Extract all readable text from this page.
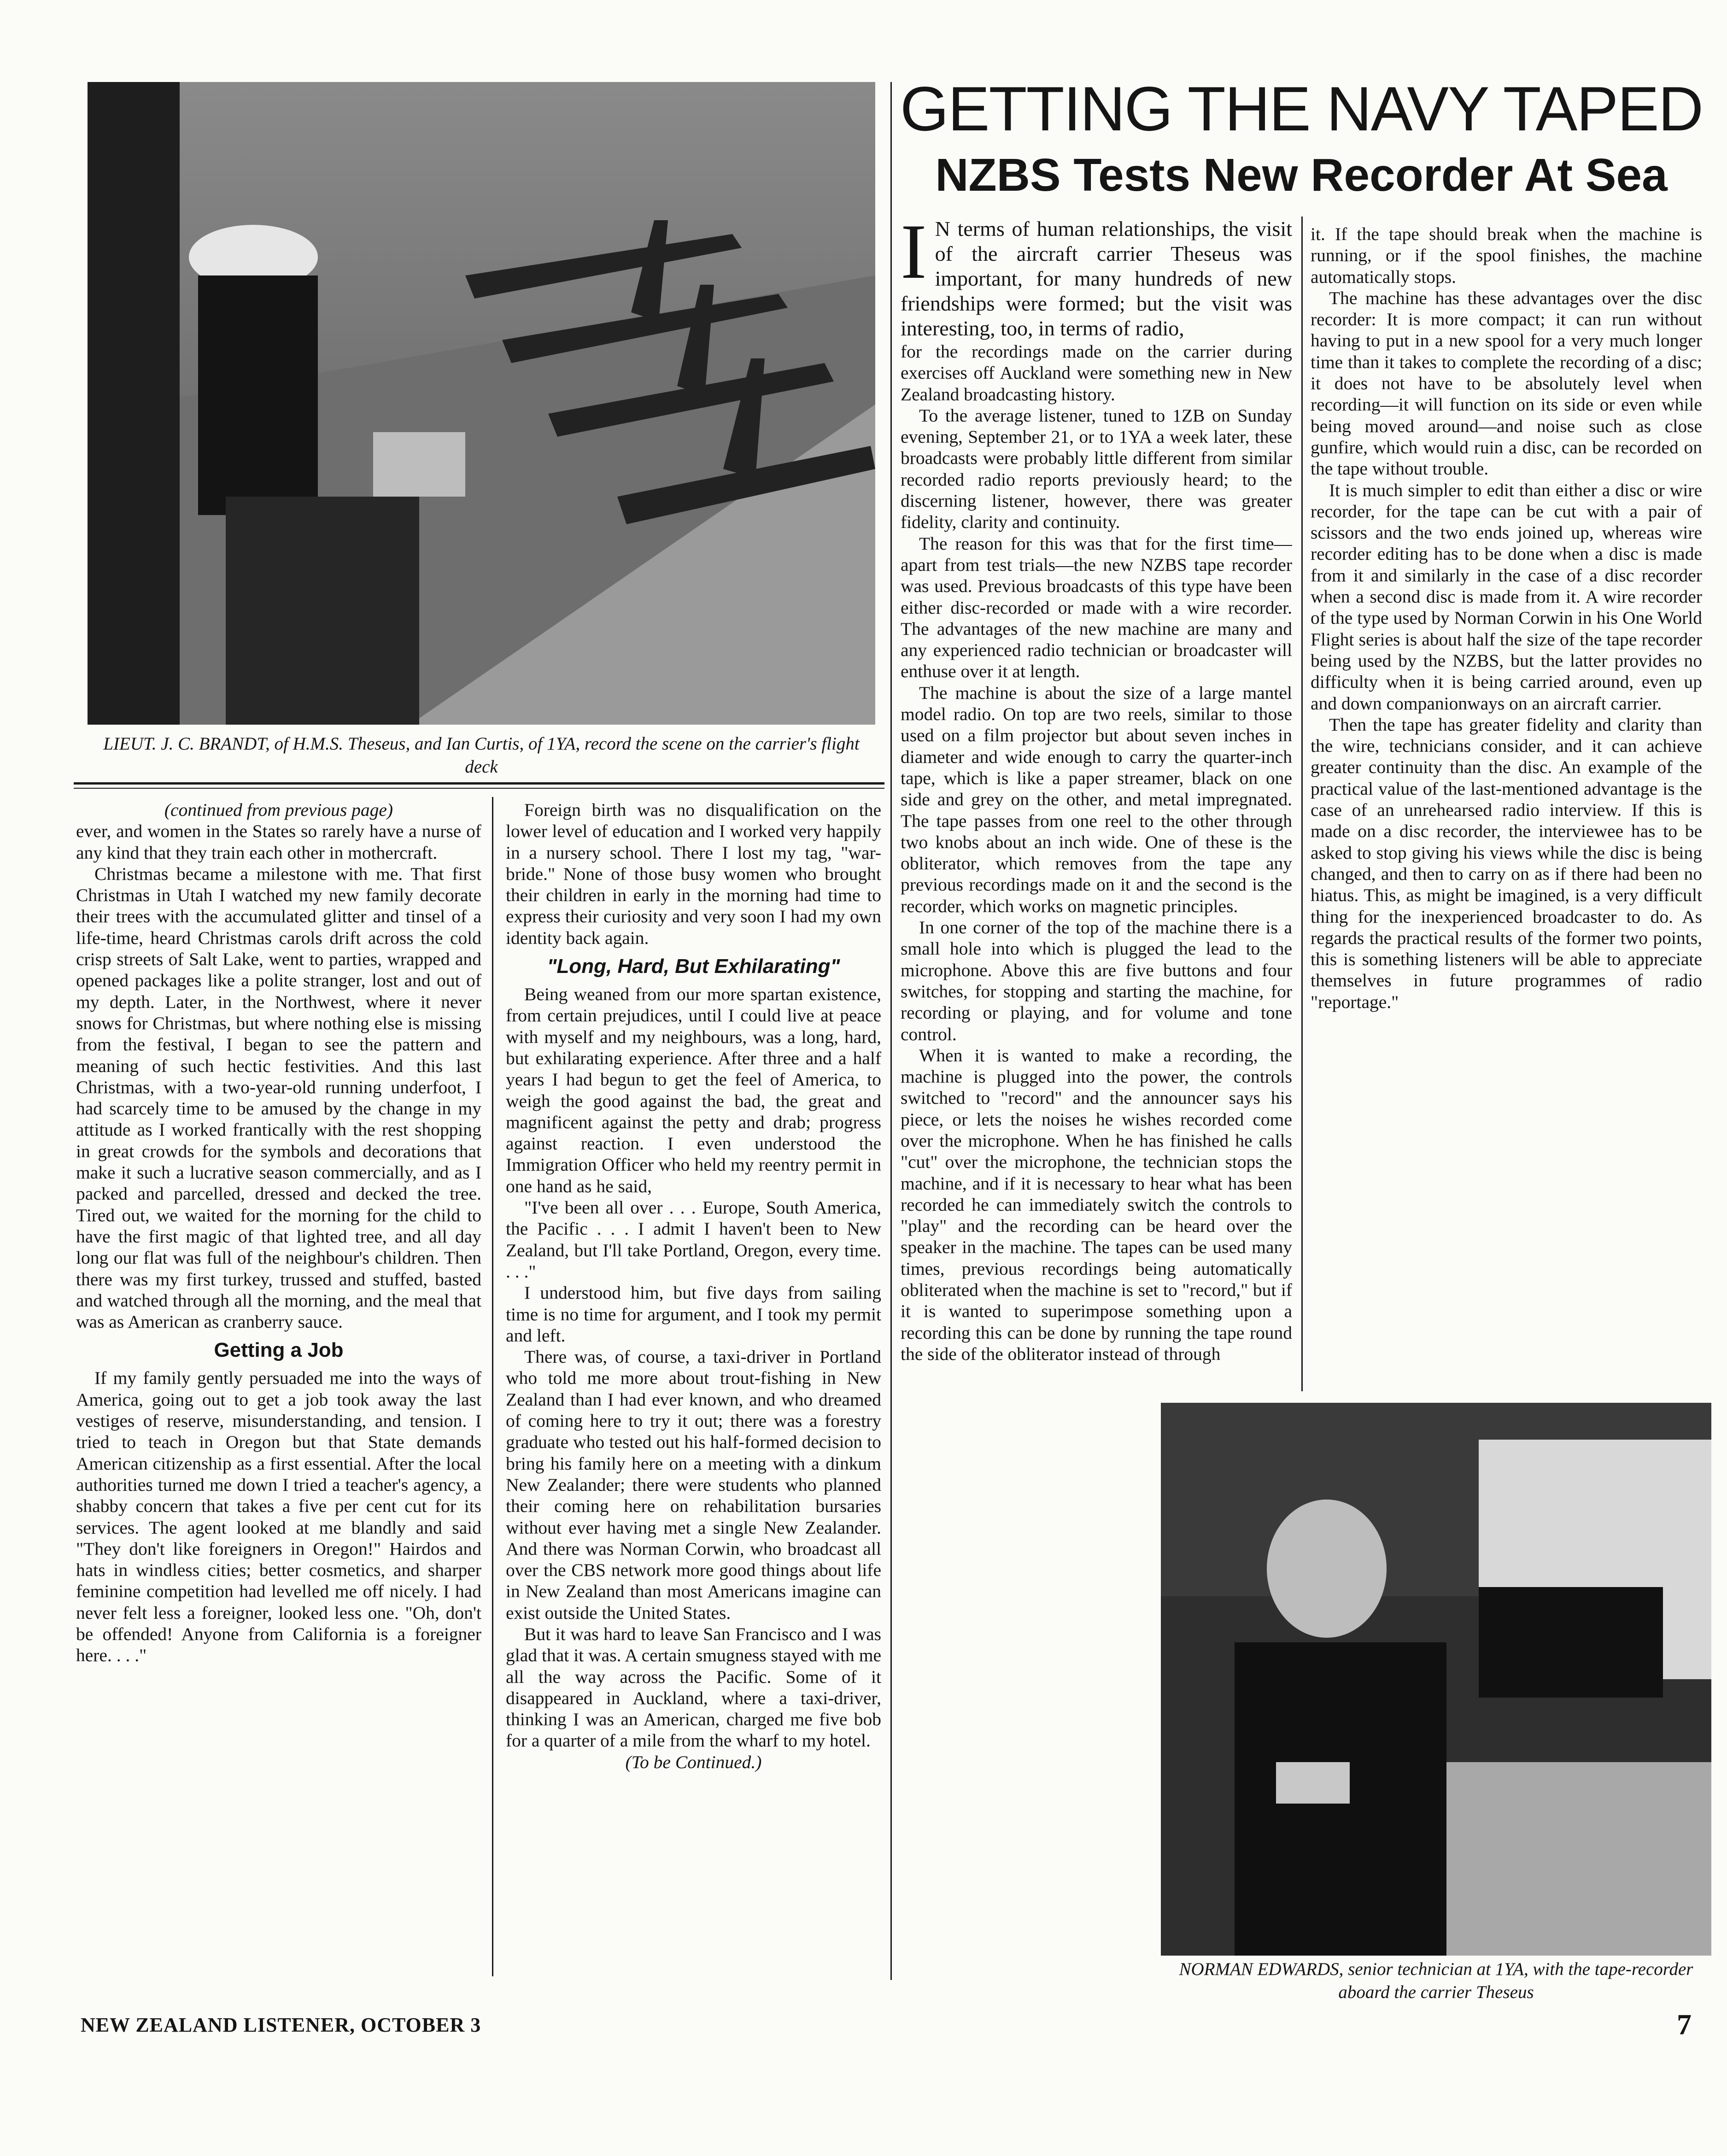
LIEUT. J. C. BRANDT, of H.M.S. Theseus, and Ian Curtis, of 1YA, record the scene on the carrier's flight deck
GETTING THE NAVY TAPED
NZBS Tests New Recorder At Sea

(continued from previous page)

ever, and women in the States so rarely have a nurse of any kind that they train each other in mothercraft.

Christmas became a milestone with me. That first Christmas in Utah I watched my new family decorate their trees with the accumulated glitter and tinsel of a life-time, heard Christmas carols drift across the cold crisp streets of Salt Lake, went to parties, wrapped and opened packages like a polite stranger, lost and out of my depth. Later, in the Northwest, where it never snows for Christmas, but where nothing else is missing from the festival, I began to see the pattern and meaning of such hectic festivities. And this last Christmas, with a two-year-old running underfoot, I had scarcely time to be amused by the change in my attitude as I worked frantically with the rest shopping in great crowds for the symbols and decorations that make it such a lucrative season commercially, and as I packed and parcelled, dressed and decked the tree. Tired out, we waited for the morning for the child to have the first magic of that lighted tree, and all day long our flat was full of the neighbour's children. Then there was my first turkey, trussed and stuffed, basted and watched through all the morning, and the meal that was as American as cranberry sauce.

Getting a Job

If my family gently persuaded me into the ways of America, going out to get a job took away the last vestiges of reserve, misunderstanding, and tension. I tried to teach in Oregon but that State demands American citizenship as a first essential. After the local authorities turned me down I tried a teacher's agency, a shabby concern that takes a five per cent cut for its services. The agent looked at me blandly and said "They don't like foreigners in Oregon!" Hairdos and hats in windless cities; better cosmetics, and sharper feminine competition had levelled me off nicely. I had never felt less a foreigner, looked less one. "Oh, don't be offended! Anyone from California is a foreigner here. . . ."

Foreign birth was no disqualification on the lower level of education and I worked very happily in a nursery school. There I lost my tag, "war-bride." None of those busy women who brought their children in early in the morning had time to express their curiosity and very soon I had my own identity back again.

"Long, Hard, But Exhilarating"

Being weaned from our more spartan existence, from certain prejudices, until I could live at peace with myself and my neighbours, was a long, hard, but exhilarating experience. After three and a half years I had begun to get the feel of America, to weigh the good against the bad, the great and magnificent against the petty and drab; progress against reaction. I even understood the Immigration Officer who held my reentry permit in one hand as he said,

"I've been all over . . . Europe, South America, the Pacific . . . I admit I haven't been to New Zealand, but I'll take Portland, Oregon, every time. . . ."

I understood him, but five days from sailing time is no time for argument, and I took my permit and left.

There was, of course, a taxi-driver in Portland who told me more about trout-fishing in New Zealand than I had ever known, and who dreamed of coming here to try it out; there was a forestry graduate who tested out his half-formed decision to bring his family here on a meeting with a dinkum New Zealander; there were students who planned their coming here on rehabilitation bursaries without ever having met a single New Zealander. And there was Norman Corwin, who broadcast all over the CBS network more good things about life in New Zealand than most Americans imagine can exist outside the United States.

But it was hard to leave San Francisco and I was glad that it was. A certain smugness stayed with me all the way across the Pacific. Some of it disappeared in Auckland, where a taxi-driver, thinking I was an American, charged me five bob for a quarter of a mile from the wharf to my hotel.

(To be Continued.)

I N terms of human relationships, the visit of the aircraft carrier Theseus was important, for many hundreds of new friendships were formed; but the visit was interesting, too, in terms of radio,

for the recordings made on the carrier during exercises off Auckland were something new in New Zealand broadcasting history.

To the average listener, tuned to 1ZB on Sunday evening, September 21, or to 1YA a week later, these broadcasts were probably little different from similar recorded radio reports previously heard; to the discerning listener, however, there was greater fidelity, clarity and continuity.

The reason for this was that for the first time—apart from test trials—the new NZBS tape recorder was used. Previous broadcasts of this type have been either disc-recorded or made with a wire recorder. The advantages of the new machine are many and any experienced radio technician or broadcaster will enthuse over it at length.

The machine is about the size of a large mantel model radio. On top are two reels, similar to those used on a film projector but about seven inches in diameter and wide enough to carry the quarter-inch tape, which is like a paper streamer, black on one side and grey on the other, and metal impregnated. The tape passes from one reel to the other through two knobs about an inch wide. One of these is the obliterator, which removes from the tape any previous recordings made on it and the second is the recorder, which works on magnetic principles.

In one corner of the top of the machine there is a small hole into which is plugged the lead to the microphone. Above this are five buttons and four switches, for stopping and starting the machine, for recording or playing, and for volume and tone control.

When it is wanted to make a recording, the machine is plugged into the power, the controls switched to "record" and the announcer says his piece, or lets the noises he wishes recorded come over the microphone. When he has finished he calls "cut" over the microphone, the technician stops the machine, and if it is necessary to hear what has been recorded he can immediately switch the controls to "play" and the recording can be heard over the speaker in the machine. The tapes can be used many times, previous recordings being automatically obliterated when the machine is set to "record," but if it is wanted to superimpose something upon a recording this can be done by running the tape round the side of the obliterator instead of through

it. If the tape should break when the machine is running, or if the spool finishes, the machine automatically stops.

The machine has these advantages over the disc recorder: It is more compact; it can run without having to put in a new spool for a very much longer time than it takes to complete the recording of a disc; it does not have to be absolutely level when recording—it will function on its side or even while being moved around—and noise such as close gunfire, which would ruin a disc, can be recorded on the tape without trouble.

It is much simpler to edit than either a disc or wire recorder, for the tape can be cut with a pair of scissors and the two ends joined up, whereas wire recorder editing has to be done when a disc is made from it and similarly in the case of a disc recorder when a second disc is made from it. A wire recorder of the type used by Norman Corwin in his One World Flight series is about half the size of the tape recorder being used by the NZBS, but the latter provides no difficulty when it is being carried around, even up and down companionways on an aircraft carrier.

Then the tape has greater fidelity and clarity than the wire, technicians consider, and it can achieve greater continuity than the disc. An example of the practical value of the last-mentioned advantage is the case of an unrehearsed radio interview. If this is made on a disc recorder, the interviewee has to be asked to stop giving his views while the disc is being changed, and then to carry on as if there had been no hiatus. This, as might be imagined, is a very difficult thing for the inexperienced broadcaster to do. As regards the practical results of the former two points, this is something listeners will be able to appreciate themselves in future programmes of radio "reportage."

NORMAN EDWARDS, senior technician at 1YA, with the tape-recorder aboard the carrier Theseus
NEW ZEALAND LISTENER, OCTOBER 3	7
